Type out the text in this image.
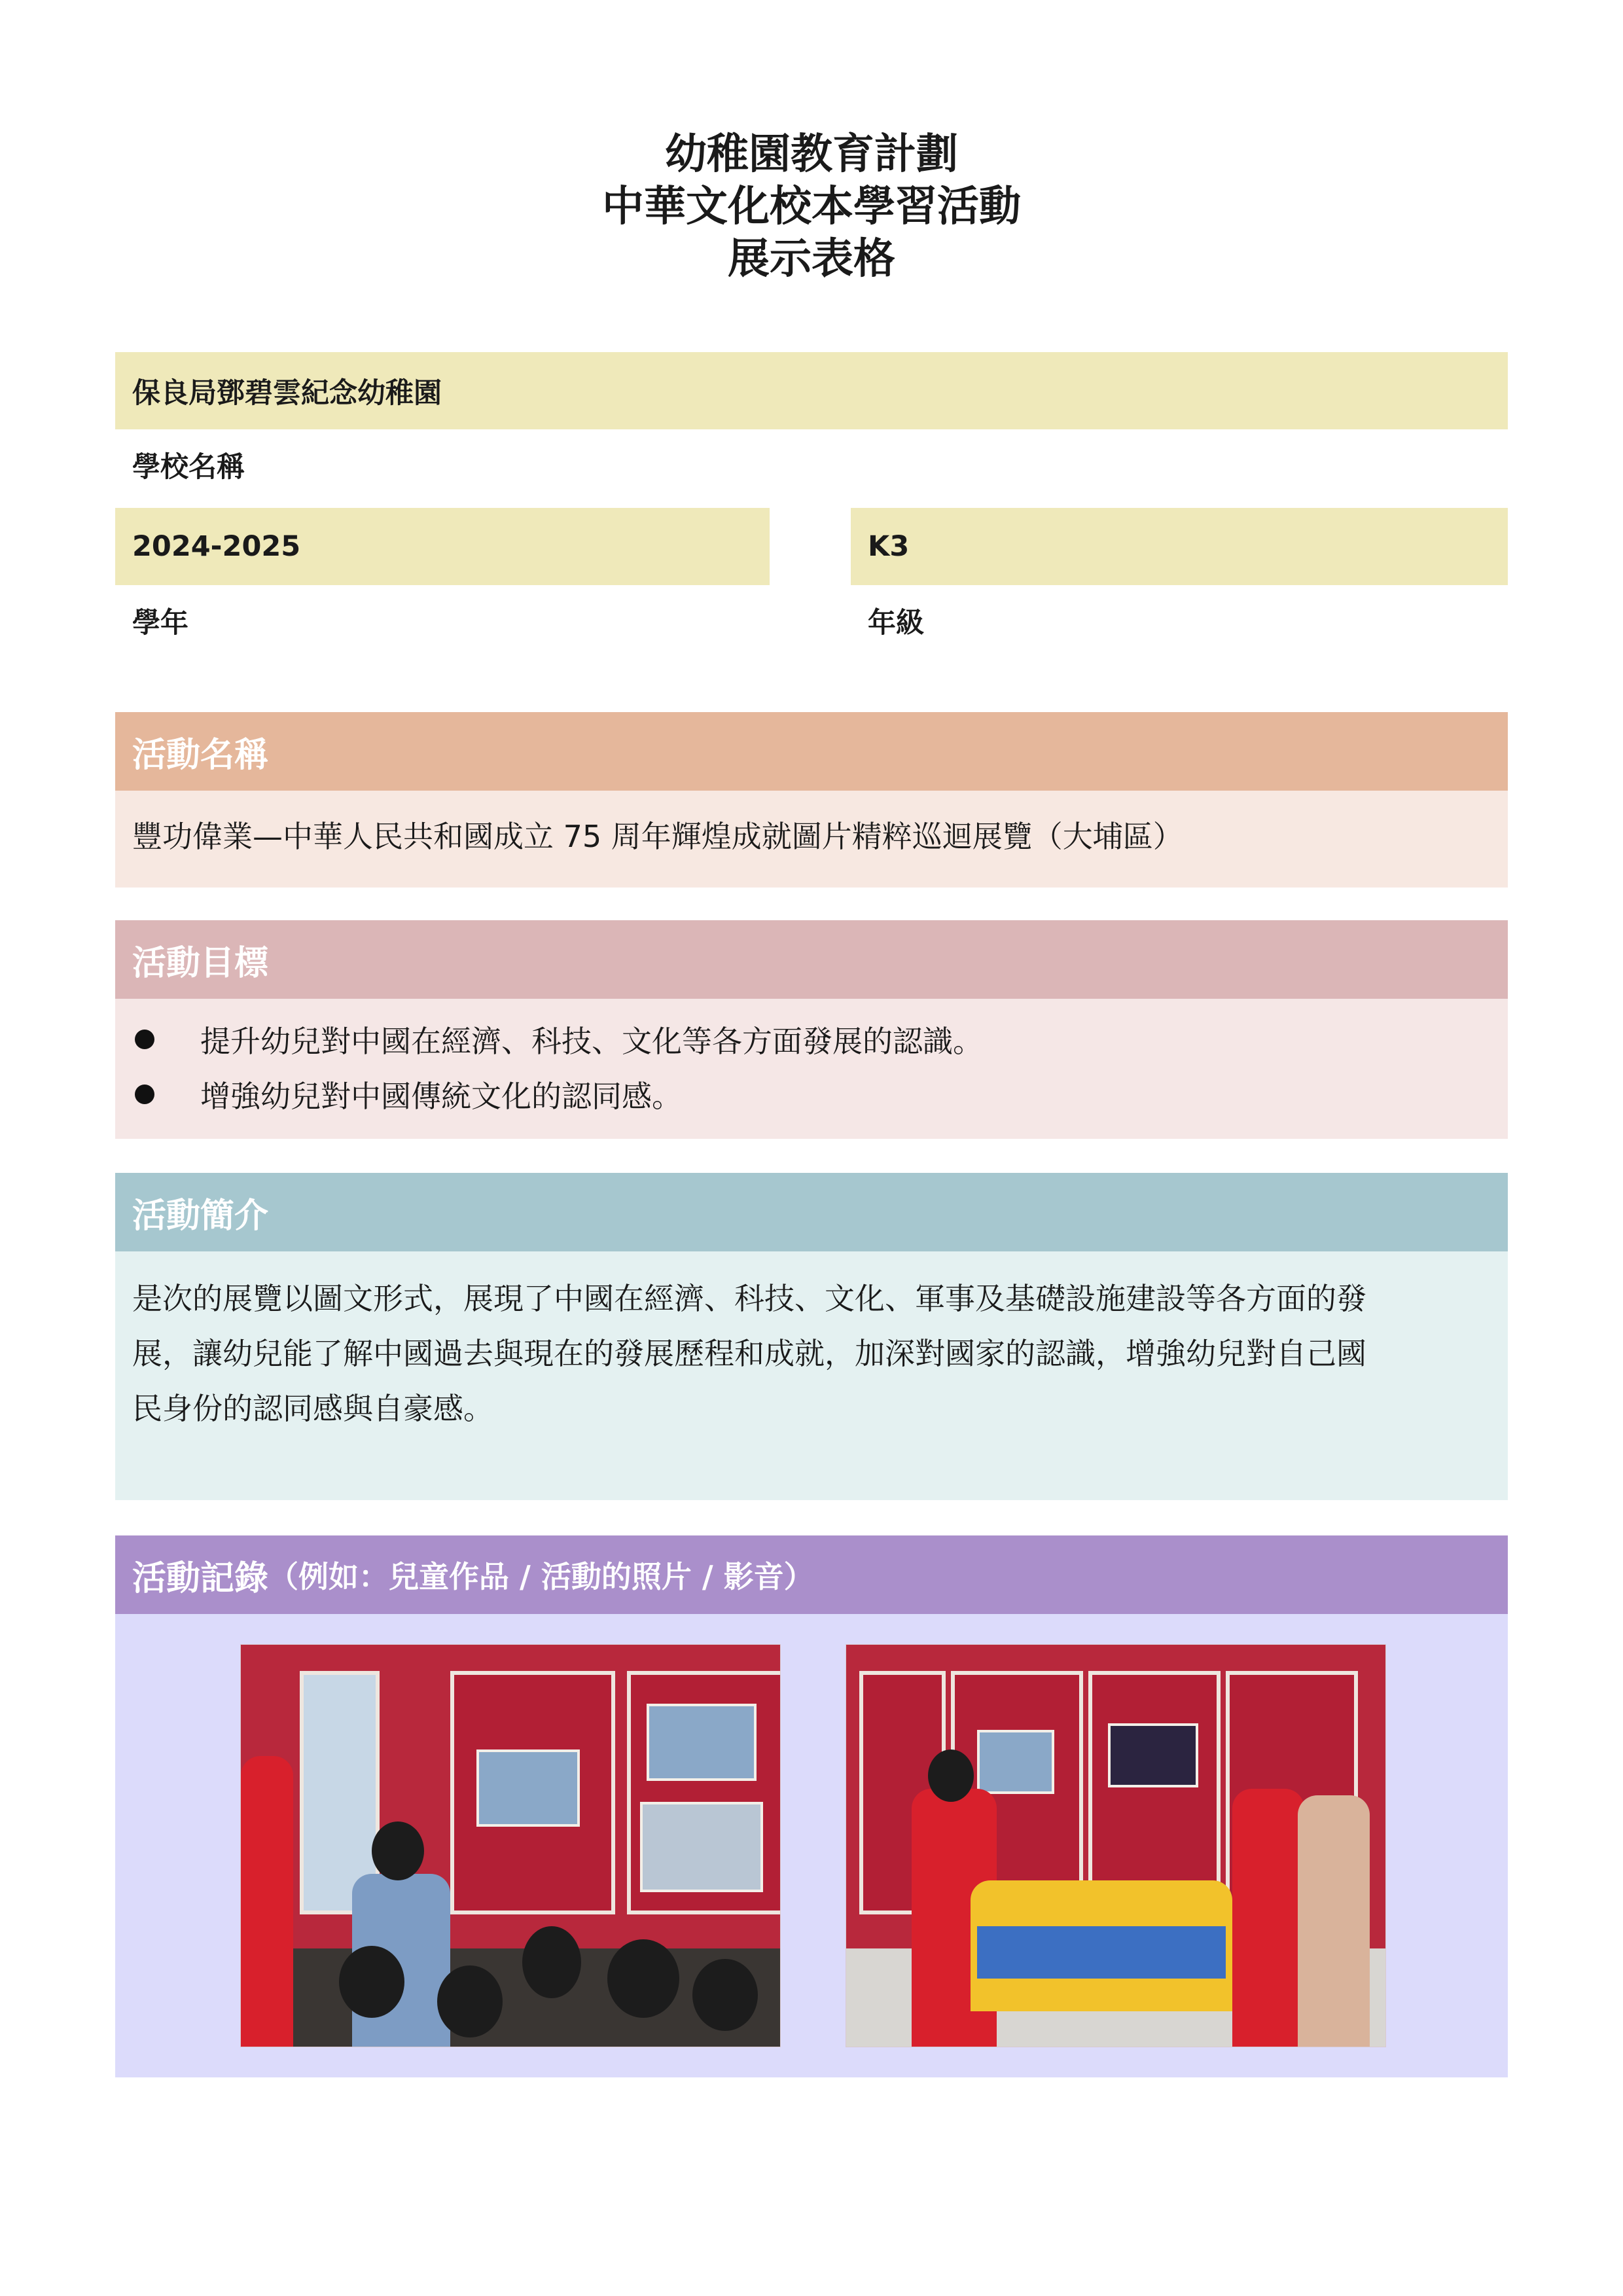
幼稚園教育計劃
中華文化校本學習活動
展示表格
保良局鄧碧雲紀念幼稚園
學校名稱
2024-2025
學年
K3
年級
活動名稱
豐功偉業—中華人民共和國成立 75 周年輝煌成就圖片精粹巡迴展覽（大埔區）
活動目標
提升幼兒對中國在經濟、科技、文化等各方面發展的認識。
增強幼兒對中國傳統文化的認同感。
活動簡介
是次的展覽以圖文形式，展現了中國在經濟、科技、文化、軍事及基礎設施建設等各方面的發
展，讓幼兒能了解中國過去與現在的發展歷程和成就，加深對國家的認識，增強幼兒對自己國
民身份的認同感與自豪感。
活動記錄 （例如：兒童作品 / 活動的照片 / 影音）
